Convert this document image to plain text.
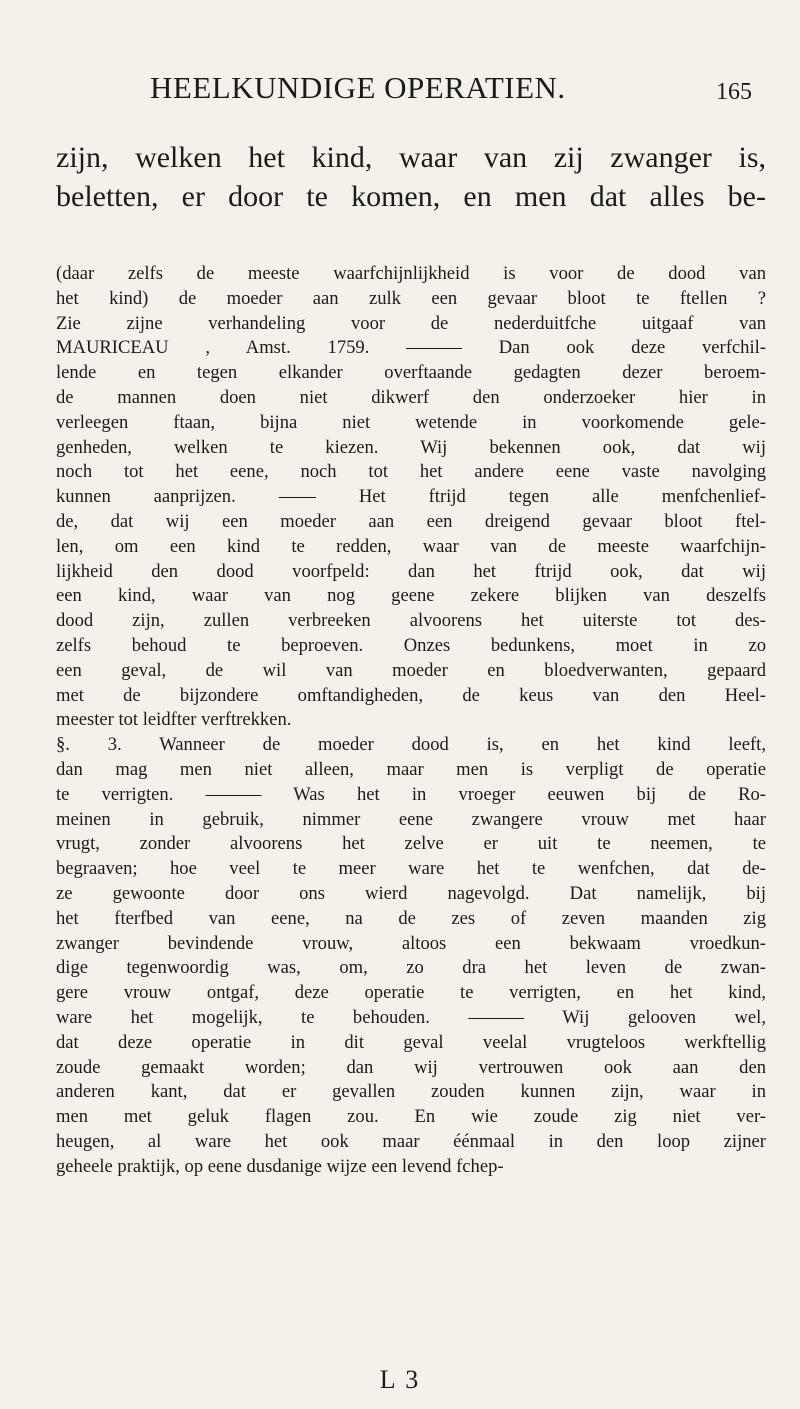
HEELKUNDIGE OPERATIEN.	165
zijn, welken het kind, waar van zij zwanger is,
beletten, er door te komen, en men dat alles be-
(daar zelfs de meeste waarfchijnlijkheid is voor de dood van
het kind) de moeder aan zulk een gevaar bloot te ftellen ?
Zie zijne verhandeling voor de nederduitfche uitgaaf van
MAURICEAU , Amst. 1759. ——— Dan ook deze verfchil-
lende en tegen elkander overftaande gedagten dezer beroem-
de mannen doen niet dikwerf den onderzoeker hier in
verleegen ftaan, bijna niet wetende in voorkomende gele-
genheden, welken te kiezen. Wij bekennen ook, dat wij
noch tot het eene, noch tot het andere eene vaste navolging
kunnen aanprijzen. —— Het ftrijd tegen alle menfchenlief-
de, dat wij een moeder aan een dreigend gevaar bloot ftel-
len, om een kind te redden, waar van de meeste waarfchijn-
lijkheid den dood voorfpeld: dan het ftrijd ook, dat wij
een kind, waar van nog geene zekere blijken van deszelfs
dood zijn, zullen verbreeken alvoorens het uiterste tot des-
zelfs behoud te beproeven. Onzes bedunkens, moet in zo
een geval, de wil van moeder en bloedverwanten, gepaard
met de bijzondere omftandigheden, de keus van den Heel-
meester tot leidfter verftrekken.
§. 3. Wanneer de moeder dood is, en het kind leeft,
dan mag men niet alleen, maar men is verpligt de operatie
te verrigten. ——— Was het in vroeger eeuwen bij de Ro-
meinen in gebruik, nimmer eene zwangere vrouw met haar
vrugt, zonder alvoorens het zelve er uit te neemen, te
begraaven; hoe veel te meer ware het te wenfchen, dat de-
ze gewoonte door ons wierd nagevolgd. Dat namelijk, bij
het fterfbed van eene, na de zes of zeven maanden zig
zwanger bevindende vrouw, altoos een bekwaam vroedkun-
dige tegenwoordig was, om, zo dra het leven de zwan-
gere vrouw ontgaf, deze operatie te verrigten, en het kind,
ware het mogelijk, te behouden. ——— Wij gelooven wel,
dat deze operatie in dit geval veelal vrugteloos werkftellig
zoude gemaakt worden; dan wij vertrouwen ook aan den
anderen kant, dat er gevallen zouden kunnen zijn, waar in
men met geluk flagen zou. En wie zoude zig niet ver-
heugen, al ware het ook maar éénmaal in den loop zijner
geheele praktijk, op eene dusdanige wijze een levend fchep-
L 3
